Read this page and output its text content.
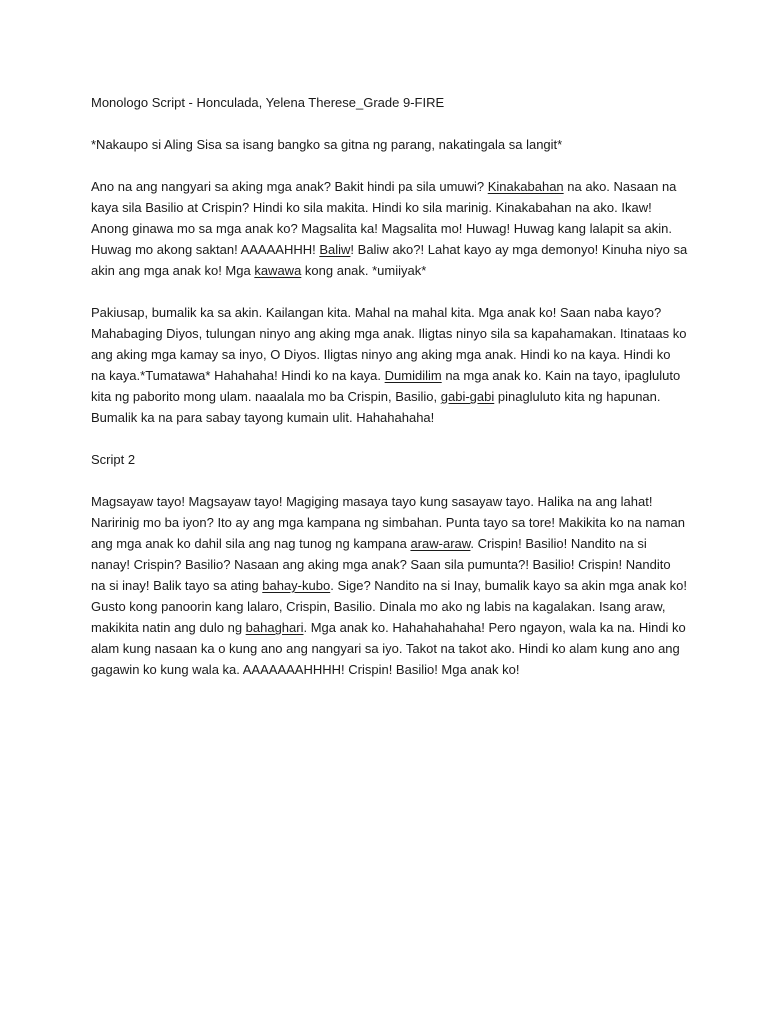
Monologo Script - Honculada, Yelena Therese_Grade 9-FIRE

*Nakaupo si Aling Sisa sa isang bangko sa gitna ng parang, nakatingala sa langit*

Ano na ang nangyari sa aking mga anak? Bakit hindi pa sila umuwi? Kinakabahan na ako. Nasaan na kaya sila Basilio at Crispin? Hindi ko sila makita. Hindi ko sila marinig. Kinakabahan na ako. Ikaw! Anong ginawa mo sa mga anak ko? Magsalita ka! Magsalita mo! Huwag! Huwag kang lalapit sa akin. Huwag mo akong saktan! AAAAAHHH! Baliw! Baliw ako?! Lahat kayo ay mga demonyo! Kinuha niyo sa akin ang mga anak ko! Mga kawawa kong anak. *umiiyak*

Pakiusap, bumalik ka sa akin. Kailangan kita. Mahal na mahal kita. Mga anak ko! Saan naba kayo? Mahabaging Diyos, tulungan ninyo ang aking mga anak. Iligtas ninyo sila sa kapahamakan. Itinataas ko ang aking mga kamay sa inyo, O Diyos. Iligtas ninyo ang aking mga anak. Hindi ko na kaya. Hindi ko na kaya.*Tumatawa* Hahahaha! Hindi ko na kaya. Dumidilim na mga anak ko. Kain na tayo, ipagluluto kita ng paborito mong ulam. naaalala mo ba Crispin, Basilio, gabi-gabi pinagluluto kita ng hapunan. Bumalik ka na para sabay tayong kumain ulit. Hahahahaha!

Script 2

Magsayaw tayo! Magsayaw tayo! Magiging masaya tayo kung sasayaw tayo. Halika na ang lahat! Naririnig mo ba iyon? Ito ay ang mga kampana ng simbahan. Punta tayo sa tore! Makikita ko na naman ang mga anak ko dahil sila ang nag tunog ng kampana araw-araw. Crispin! Basilio! Nandito na si nanay! Crispin? Basilio? Nasaan ang aking mga anak? Saan sila pumunta?! Basilio! Crispin! Nandito na si inay! Balik tayo sa ating bahay-kubo. Sige? Nandito na si Inay, bumalik kayo sa akin mga anak ko! Gusto kong panoorin kang lalaro, Crispin, Basilio. Dinala mo ako ng labis na kagalakan. Isang araw, makikita natin ang dulo ng bahaghari. Mga anak ko. Hahahahahaha! Pero ngayon, wala ka na. Hindi ko alam kung nasaan ka o kung ano ang nangyari sa iyo. Takot na takot ako. Hindi ko alam kung ano ang gagawin ko kung wala ka. AAAAAAAHHHH! Crispin! Basilio! Mga anak ko!
